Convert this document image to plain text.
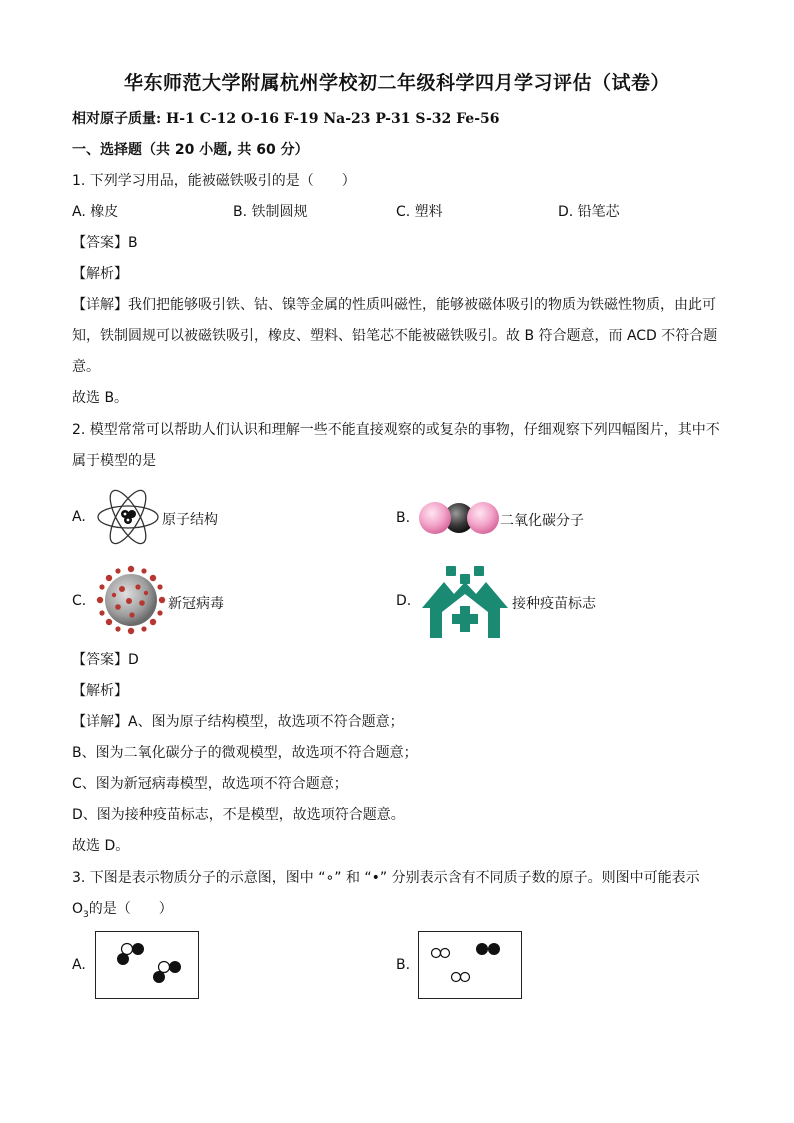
华东师范大学附属杭州学校初二年级科学四月学习评估（试卷）
相对原子质量: H-1 C-12 O-16 F-19 Na-23 P-31 S-32 Fe-56
一、选择题（共 20 小题, 共 60 分）
1. 下列学习用品，能被磁铁吸引的是（　　）
A. 橡皮	B. 铁制圆规	C. 塑料	D. 铅笔芯
【答案】B
【解析】
【详解】我们把能够吸引铁、钴、镍等金属的性质叫磁性，能够被磁体吸引的物质为铁磁性物质，由此可
知，铁制圆规可以被磁铁吸引，橡皮、塑料、铅笔芯不能被磁铁吸引。故 B 符合题意，而 ACD 不符合题
意。
故选 B。
2. 模型常常可以帮助人们认识和理解一些不能直接观察的或复杂的事物，仔细观察下列四幅图片，其中不
属于模型的是
A.	原子结构	B.	二氧化碳分子
C.	新冠病毒	D.	接种疫苗标志
【答案】D
【解析】
【详解】A、图为原子结构模型，故选项不符合题意；
B、图为二氧化碳分子的微观模型，故选项不符合题意；
C、图为新冠病毒模型，故选项不符合题意；
D、图为接种疫苗标志，不是模型，故选项符合题意。
故选 D。
3. 下图是表示物质分子的示意图，图中 “∘” 和 “•” 分别表示含有不同质子数的原子。则图中可能表示
$O_3$的是（　　）
A.	B.
